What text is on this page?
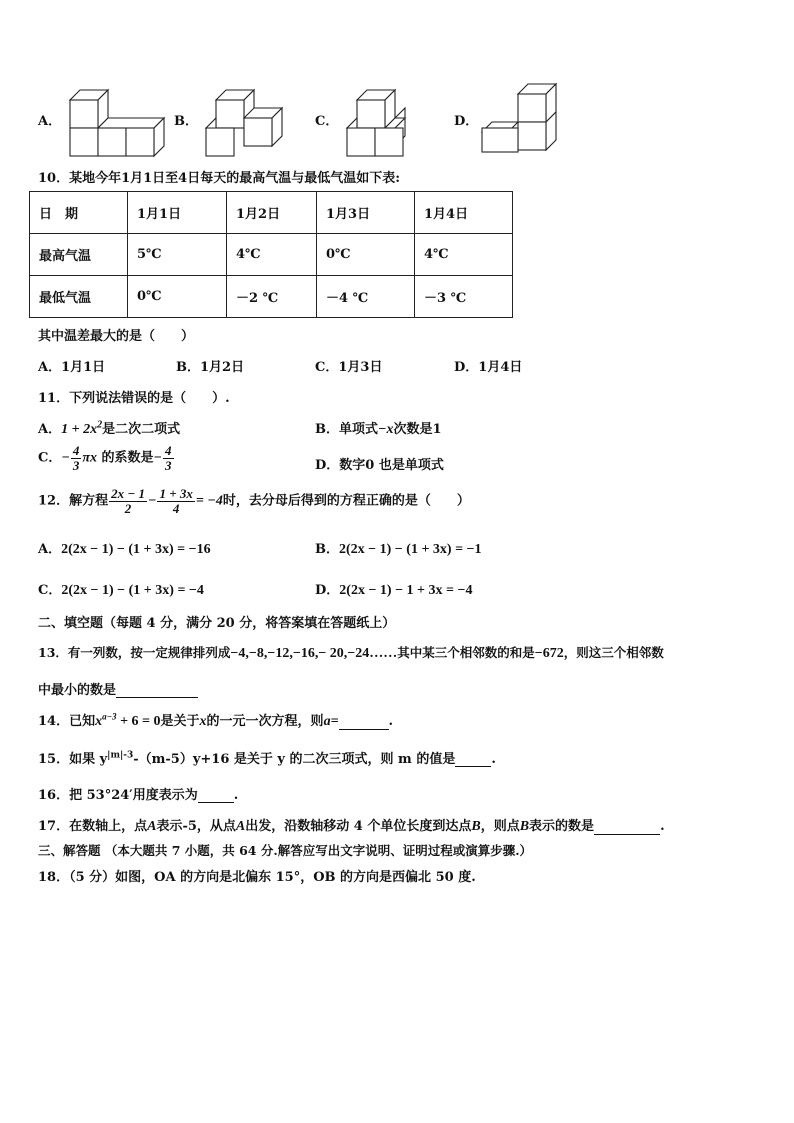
A．	B．	C．	D．
10．某地今年1月1日至4日每天的最高气温与最低气温如下表:
日　期	1月1日	1月2日	1月3日	1月4日
最高气温	5℃	4℃	0℃	4℃
最低气温	0℃	－2 ℃	－4 ℃	－3 ℃
其中温差最大的是（　　）
A．1月1日	B．1月2日	C．1月3日	D．1月4日
11．下列说法错误的是（　　）.
A．$1 + 2x^2$是二次二项式	B．单项式−x次数是1
C．− $\frac{4}{3}$ πx 的系数是− $\frac{4}{3}$	D．数字0 也是单项式
12．解方程 $\frac{2x - 1}{2} - \frac{1 + 3x}{4} = -4$时，去分母后得到的方程正确的是（　　）
A．2(2x − 1) − (1 + 3x) = −16	B．2(2x − 1) − (1 + 3x) = −1
C．2(2x − 1) − (1 + 3x) = −4	D．2(2x − 1) − 1 + 3x = −4
二、填空题（每题 4 分，满分 20 分，将答案填在答题纸上）
13．有一列数，按一定规律排列成−4,−8,−12,−16,− 20,−24……其中某三个相邻数的和是−672，则这三个相邻数
中最小的数是
14．已知$x^{a-3} + 6 = 0$是关于x的一元一次方程，则a=	.
15．如果 $y^{|m|-3}-(m-5)y+16$ 是关于 y 的二次三项式，则 m 的值是	.
16．把 53°24′用度表示为	.
17．在数轴上，点A表示-5，从点A出发，沿数轴移动 4 个单位长度到达点B，则点B表示的数是	.
三、解答题 （本大题共 7 小题，共 64 分.解答应写出文字说明、证明过程或演算步骤.）
18．（5 分）如图，OA 的方向是北偏东 15°，OB 的方向是西偏北 50 度.
